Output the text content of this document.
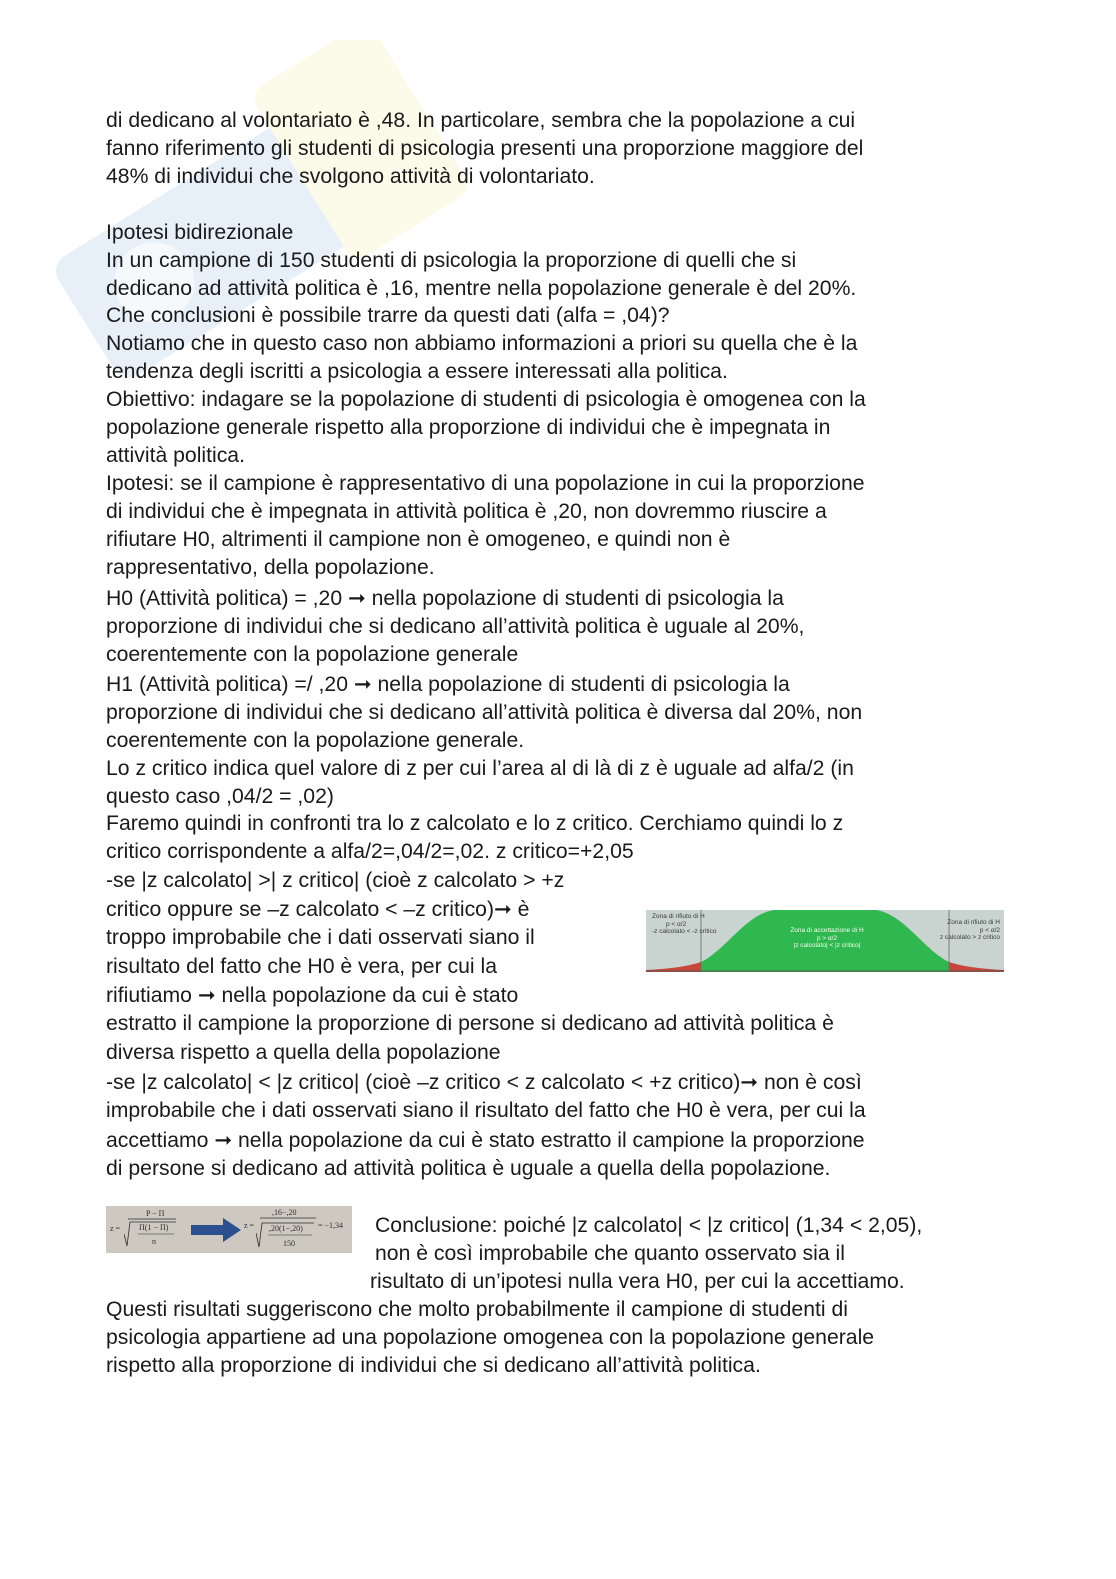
di dedicano al volontariato è ,48. In particolare, sembra che la popolazione a cui

fanno riferimento gli studenti di psicologia presenti una proporzione maggiore del

48% di individui che svolgono attività di volontariato.

Ipotesi bidirezionale

In un campione di 150 studenti di psicologia la proporzione di quelli che si

dedicano ad attività politica è ,16, mentre nella popolazione generale è del 20%.

Che conclusioni è possibile trarre da questi dati (alfa = ,04)?

Notiamo che in questo caso non abbiamo informazioni a priori su quella che è la

tendenza degli iscritti a psicologia a essere interessati alla politica.

Obiettivo: indagare se la popolazione di studenti di psicologia è omogenea con la

popolazione generale rispetto alla proporzione di individui che è impegnata in

attività politica.

Ipotesi: se il campione è rappresentativo di una popolazione in cui la proporzione

di individui che è impegnata in attività politica è ,20, non dovremmo riuscire a

rifiutare H0, altrimenti il campione non è omogeneo, e quindi non è

rappresentativo, della popolazione.

H0 (Attività politica) = ,20 ➞ nella popolazione di studenti di psicologia la

proporzione di individui che si dedicano all’attività politica è uguale al 20%,

coerentemente con la popolazione generale

H1 (Attività politica) =/ ,20 ➞ nella popolazione di studenti di psicologia la

proporzione di individui che si dedicano all’attività politica è diversa dal 20%, non

coerentemente con la popolazione generale.

Lo z critico indica quel valore di z per cui l’area al di là di z è uguale ad alfa/2 (in

questo caso ,04/2 = ,02)

Faremo quindi in confronti tra lo z calcolato e lo z critico. Cerchiamo quindi lo z

critico corrispondente a alfa/2=,04/2=,02. z critico=+2,05

-se |z calcolato| >| z critico| (cioè z calcolato > +z

critico oppure se –z calcolato < –z critico)➞ è

troppo improbabile che i dati osservati siano il

risultato del fatto che H0 è vera, per cui la

rifiutiamo ➞ nella popolazione da cui è stato

estratto il campione la proporzione di persone si dedicano ad attività politica è

diversa rispetto a quella della popolazione

-se |z calcolato| < |z critico| (cioè –z critico < z calcolato < +z critico)➞ non è così

improbabile che i dati osservati siano il risultato del fatto che H0 è vera, per cui la

accettiamo ➞ nella popolazione da cui è stato estratto il campione la proporzione

di persone si dedicano ad attività politica è uguale a quella della popolazione.

Conclusione: poiché |z calcolato| < |z critico| (1,34 < 2,05),

non è così improbabile che quanto osservato sia il

risultato di un’ipotesi nulla vera H0, per cui la accettiamo.

Questi risultati suggeriscono che molto probabilmente il campione di studenti di

psicologia appartiene ad una popolazione omogenea con la popolazione generale

rispetto alla proporzione di individui che si dedicano all’attività politica.

Zona di rifiuto di H
p < α/2
-z calcolato < -z critico	Zona di accettazione di H
p > α/2
|z calcolato| < |z critico|
Zona di rifiuto di H
p < α/2
z calcolato > z critico
z =
P − Π
Π(1 − Π)
n
z =
,16−,20
,20(1−,20)
150
= −1,34
